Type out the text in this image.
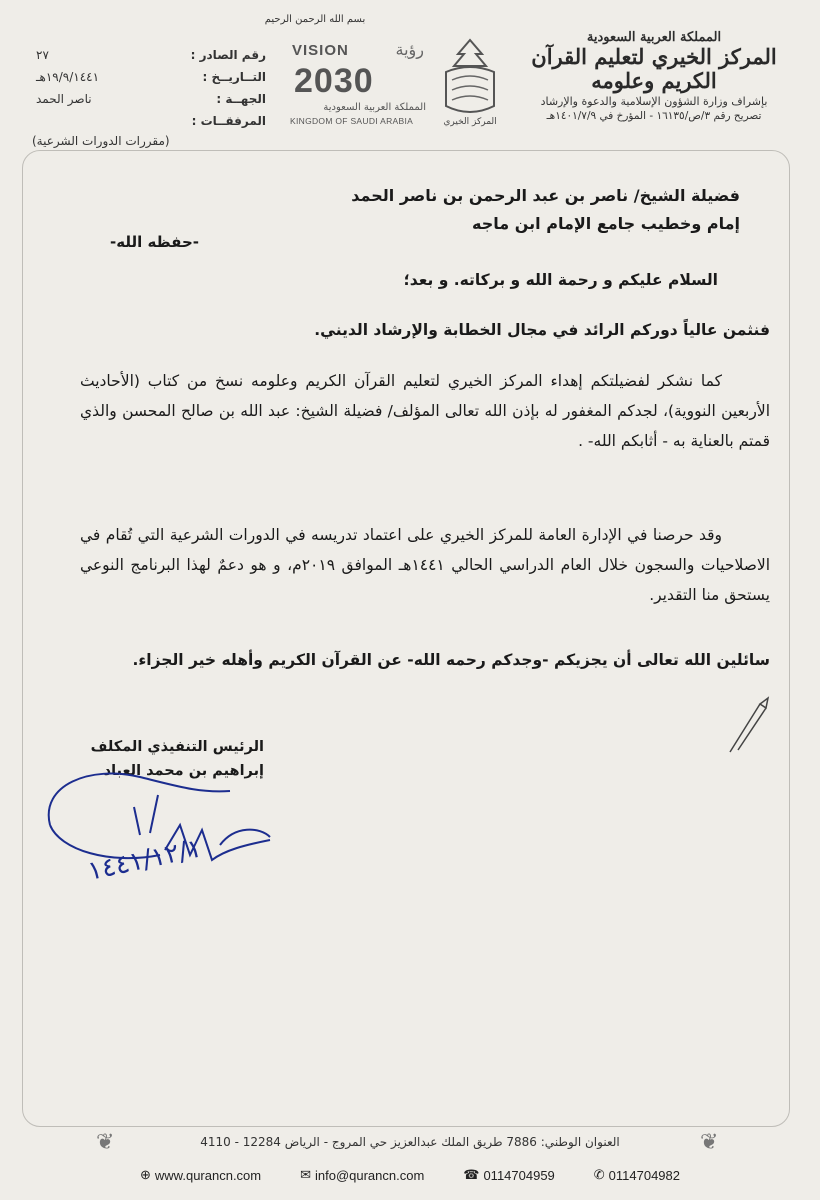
بسم الله الرحمن الرحيم
المملكة العربية السعودية
المركز الخيري لتعليم القرآن الكريم وعلومه
بإشراف وزارة الشؤون الإسلامية والدعوة والإرشاد
تصريح رقم ٣/ص/١٦١٣٥ - المؤرخ في ١٤٠١/٧/٩هـ
المركز الخيري
VISION	رؤية
2030
المملكة العربية السعودية
KINGDOM OF SAUDI ARABIA
رقم الصادر :
٢٧
التــاريــخ :
١٩/٩/١٤٤١هـ
الجهــة :
ناصر الحمد
المرفقــات :
(مقررات الدورات الشرعية)
فضيلة الشيخ/ ناصر بن عبد الرحمن بن ناصر الحمد
إمام وخطيب جامع الإمام ابن ماجه
-حفظه الله-
السلام عليكم و رحمة الله و بركاته. و بعد؛
فنثمن عالياً دوركم الرائد في مجال الخطابة والإرشاد الديني.
كما نشكر لفضيلتكم إهداء المركز الخيري لتعليم القرآن الكريم وعلومه نسخ من كتاب (الأحاديث الأربعين النووية)، لجدكم المغفور له بإذن الله تعالى المؤلف/ فضيلة الشيخ: عبد الله بن صالح المحسن والذي قمتم بالعناية به - أثابكم الله- .
وقد حرصنا في الإدارة العامة للمركز الخيري على اعتماد تدريسه في الدورات الشرعية التي تُقام في الاصلاحيات والسجون خلال العام الدراسي الحالي ١٤٤١هـ الموافق ٢٠١٩م، و هو دعمٌ لهذا البرنامج النوعي يستحق منا التقدير.
سائلين الله تعالى أن يجزيكم -وجدكم رحمه الله- عن القرآن الكريم وأهله خير الجزاء.
الرئيس التنفيذي المكلف
إبراهيم بن محمد العباد
١٤٤١/١٢/١
❦	❦
العنوان الوطني: 7886 طريق الملك عبدالعزيز حي المروج - الرياض 12284 - 4110
⊕ www.qurancn.com	✉ info@qurancn.com	☎ 0114704959	✆ 0114704982
